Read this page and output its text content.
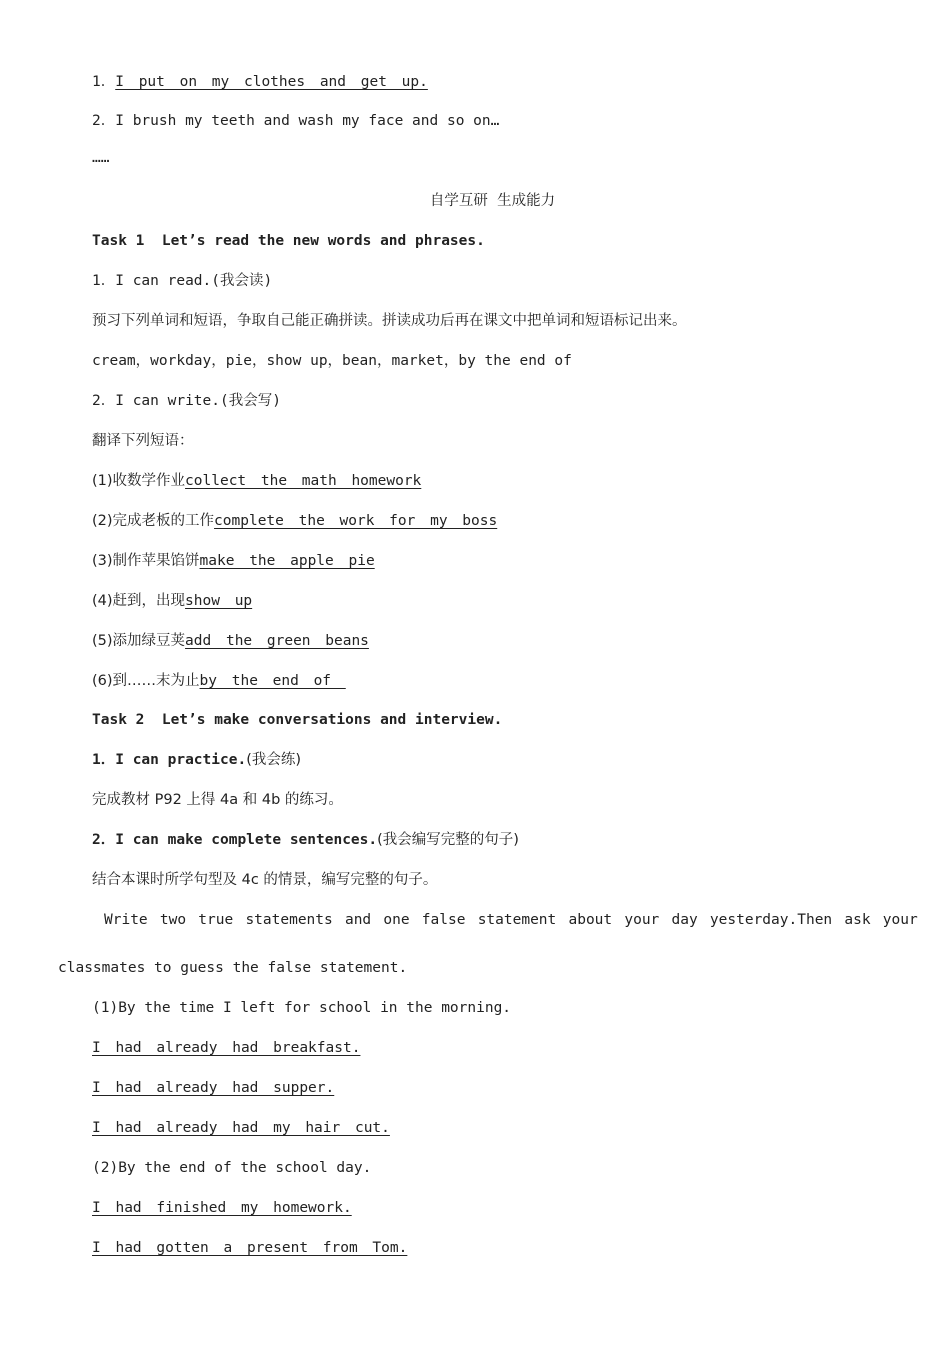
1．I put on my clothes and get up.
2．I brush my teeth and wash my face and so on…
……
自学互研  生成能力
Task 1  Let’s read the new words and phrases.
1．I can read.(我会读)
预习下列单词和短语，争取自己能正确拼读。拼读成功后再在课文中把单词和短语标记出来。
cream，workday，pie，show up，bean，market，by the end of
2．I can write.(我会写)
翻译下列短语：
(1)收数学作业collect the math homework
(2)完成老板的工作complete the work for my boss
(3)制作苹果馅饼make the apple pie
(4)赶到，出现show up
(5)添加绿豆荚add the green beans
(6)到……末为止by the end of
Task 2  Let’s make conversations and interview.
1．I can practice.(我会练)
完成教材 P92 上得 4a 和 4b 的练习。
2．I can make complete sentences.(我会编写完整的句子)
结合本课时所学句型及 4c 的情景，编写完整的句子。
Write two true statements and one false statement about your day yesterday.Then ask your
classmates to guess the false statement.
(1)By the time I left for school in the morning.
I had already had breakfast.
I had already had supper.
I had already had my hair cut.
(2)By the end of the school day.
I had finished my homework.
I had gotten a present from Tom.
